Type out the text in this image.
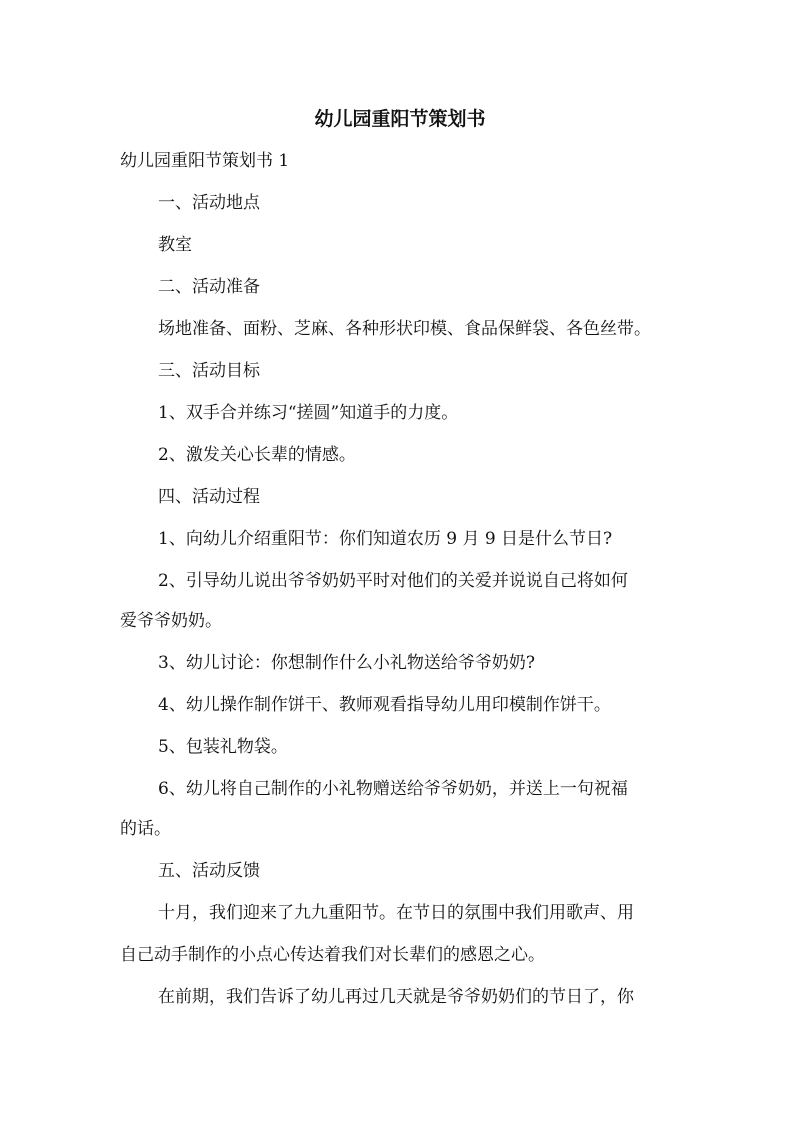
幼儿园重阳节策划书
幼儿园重阳节策划书 1
一、活动地点
教室
二、活动准备
场地准备、面粉、芝麻、各种形状印模、食品保鲜袋、各色丝带。
三、活动目标
1、双手合并练习“搓圆”知道手的力度。
2、激发关心长辈的情感。
四、活动过程
1、向幼儿介绍重阳节：你们知道农历 9 月 9 日是什么节日?
2、引导幼儿说出爷爷奶奶平时对他们的关爱并说说自己将如何
爱爷爷奶奶。
3、幼儿讨论：你想制作什么小礼物送给爷爷奶奶?
4、幼儿操作制作饼干、教师观看指导幼儿用印模制作饼干。
5、包装礼物袋。
6、幼儿将自己制作的小礼物赠送给爷爷奶奶，并送上一句祝福
的话。
五、活动反馈
十月，我们迎来了九九重阳节。在节日的氛围中我们用歌声、用
自己动手制作的小点心传达着我们对长辈们的感恩之心。
在前期，我们告诉了幼儿再过几天就是爷爷奶奶们的节日了，你
